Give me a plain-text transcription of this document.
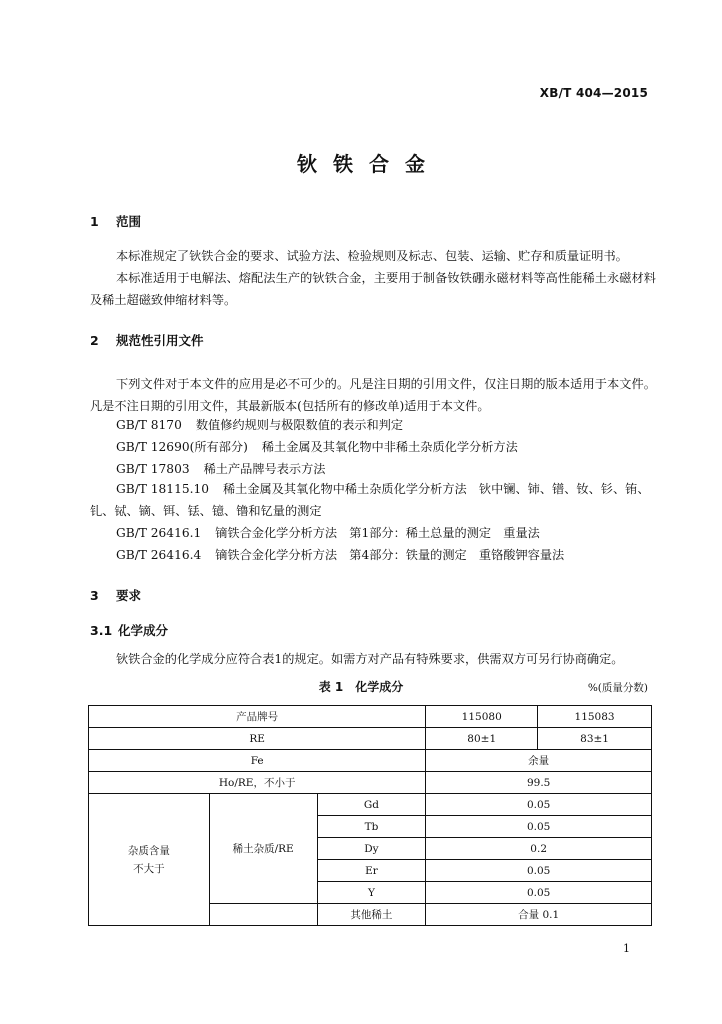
XB/T 404—2015
钬铁合金
1 范围
本标准规定了钬铁合金的要求、试验方法、检验规则及标志、包装、运输、贮存和质量证明书。
本标准适用于电解法、熔配法生产的钬铁合金，主要用于制备钕铁硼永磁材料等高性能稀土永磁材料及稀土超磁致伸缩材料等。
2 规范性引用文件
下列文件对于本文件的应用是必不可少的。凡是注日期的引用文件，仅注日期的版本适用于本文件。凡是不注日期的引用文件，其最新版本(包括所有的修改单)适用于本文件。
GB/T 8170 数值修约规则与极限数值的表示和判定
GB/T 12690(所有部分) 稀土金属及其氧化物中非稀土杂质化学分析方法
GB/T 17803 稀土产品牌号表示方法
GB/T 18115.10 稀土金属及其氧化物中稀土杂质化学分析方法　钬中镧、铈、镨、钕、钐、铕、钆、铽、镝、铒、铥、镱、镥和钇量的测定
GB/T 26416.1 镝铁合金化学分析方法　第1部分：稀土总量的测定　重量法
GB/T 26416.4 镝铁合金化学分析方法　第4部分：铁量的测定　重铬酸钾容量法
3 要求
3.1 化学成分
钬铁合金的化学成分应符合表1的规定。如需方对产品有特殊要求，供需双方可另行协商确定。
表 1　化学成分	%(质量分数)
产品牌号			115080	115083
RE			80±1	83±1
Fe			余量	
Ho/RE，不小于			99.5	

杂质含量
不大于	稀土杂质/RE	Gd	0.05	
		Tb	0.05	
		Dy	0.2	
		Er	0.05	
		Y	0.05	
		其他稀土	合量 0.1	
1
